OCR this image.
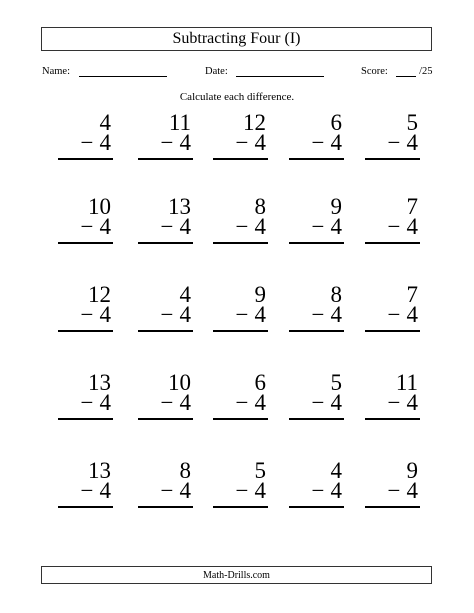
Subtracting Four (I)
Name:	Date:	Score:	/25
Calculate each difference.
4
− 4
11
− 4
12
− 4
6
− 4
5
− 4
10
− 4
13
− 4
8
− 4
9
− 4
7
− 4
12
− 4
4
− 4
9
− 4
8
− 4
7
− 4
13
− 4
10
− 4
6
− 4
5
− 4
11
− 4
13
− 4
8
− 4
5
− 4
4
− 4
9
− 4
Math-Drills.com
